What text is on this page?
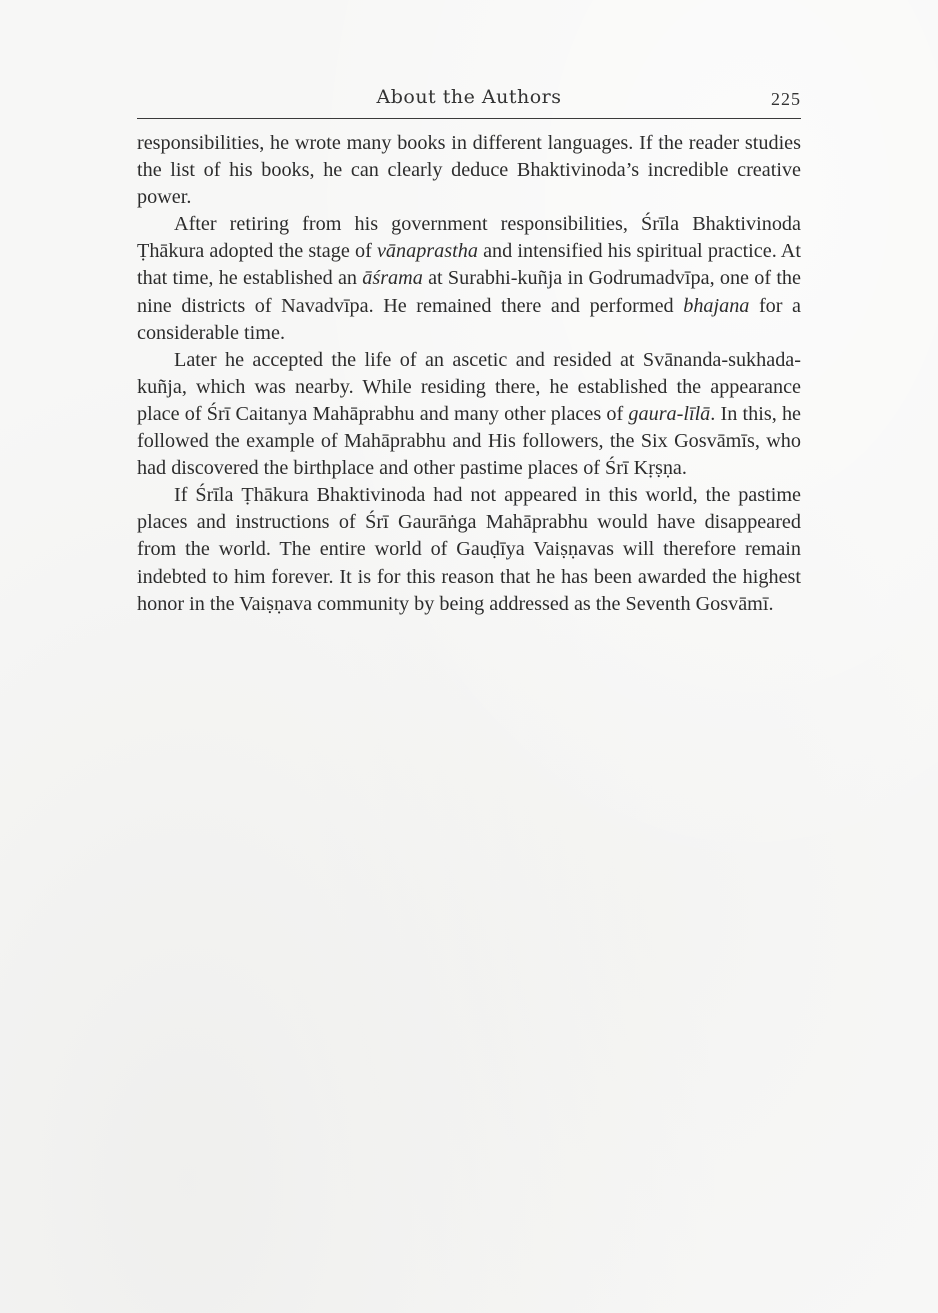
About the Authors	225

responsibilities, he wrote many books in different languages. If the reader studies the list of his books, he can clearly deduce Bhaktivinoda’s incredible creative power.

After retiring from his government responsibilities, Śrīla Bhaktivinoda Ṭhākura adopted the stage of vānaprastha and intensified his spiritual practice. At that time, he established an āśrama at Surabhi-kuñja in Godrumadvīpa, one of the nine districts of Navadvīpa. He remained there and performed bhajana for a considerable time.

Later he accepted the life of an ascetic and resided at Svānanda-sukhada-kuñja, which was nearby. While residing there, he established the appearance place of Śrī Caitanya Mahāprabhu and many other places of gaura-līlā. In this, he followed the example of Mahāprabhu and His followers, the Six Gosvāmīs, who had discovered the birthplace and other pastime places of Śrī Kṛṣṇa.

If Śrīla Ṭhākura Bhaktivinoda had not appeared in this world, the pastime places and instructions of Śrī Gaurāṅga Mahāprabhu would have disappeared from the world. The entire world of Gauḍīya Vaiṣṇavas will therefore remain indebted to him forever. It is for this reason that he has been awarded the highest honor in the Vaiṣṇava community by being addressed as the Seventh Gosvāmī.
